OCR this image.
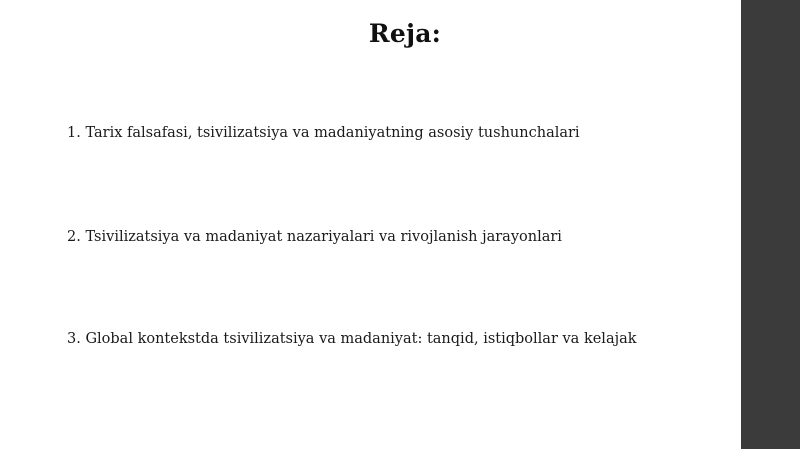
Reja:
1. Tarix falsafasi, tsivilizatsiya va madaniyatning asosiy tushunchalari
2. Tsivilizatsiya va madaniyat nazariyalari va rivojlanish jarayonlari
3. Global kontekstda tsivilizatsiya va madaniyat: tanqid, istiqbollar va kelajak
